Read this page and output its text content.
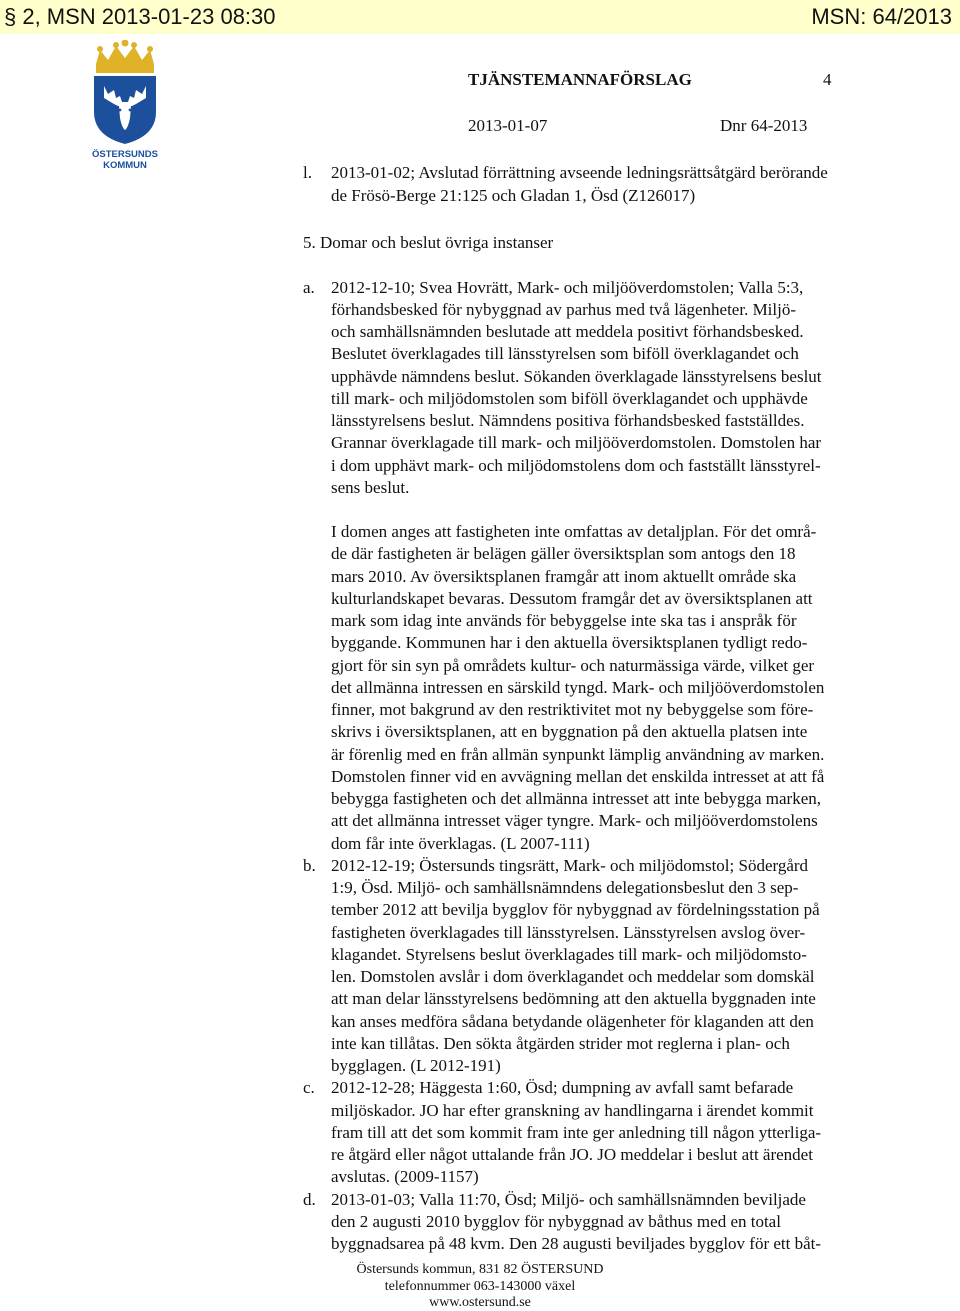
§ 2, MSN 2013-01-23 08:30	MSN: 64/2013
ÖSTERSUNDS
KOMMUN
TJÄNSTEMANNAFÖRSLAG	4
2013-01-07	Dnr 64-2013
l. 2013-01-02; Avslutad förrättning avseende ledningsrättsåtgärd berörande
de Frösö-Berge 21:125 och Gladan 1, Ösd (Z126017)
5. Domar och beslut övriga instanser
a. 2012-12-10; Svea Hovrätt, Mark- och miljööverdomstolen; Valla 5:3,
förhandsbesked för nybyggnad av parhus med två lägenheter. Miljö-
och samhällsnämnden beslutade att meddela positivt förhandsbesked.
Beslutet överklagades till länsstyrelsen som biföll överklagandet och
upphävde nämndens beslut. Sökanden överklagade länsstyrelsens beslut
till mark- och miljödomstolen som biföll överklagandet och upphävde
länsstyrelsens beslut. Nämndens positiva förhandsbesked fastställdes.
Grannar överklagade till mark- och miljööverdomstolen. Domstolen har
i dom upphävt mark- och miljödomstolens dom och fastställt länsstyrel-
sens beslut.
I domen anges att fastigheten inte omfattas av detaljplan. För det områ-
de där fastigheten är belägen gäller översiktsplan som antogs den 18
mars 2010. Av översiktsplanen framgår att inom aktuellt område ska
kulturlandskapet bevaras. Dessutom framgår det av översiktsplanen att
mark som idag inte används för bebyggelse inte ska tas i anspråk för
byggande. Kommunen har i den aktuella översiktsplanen tydligt redo-
gjort för sin syn på områdets kultur- och naturmässiga värde, vilket ger
det allmänna intressen en särskild tyngd. Mark- och miljööverdomstolen
finner, mot bakgrund av den restriktivitet mot ny bebyggelse som före-
skrivs i översiktsplanen, att en byggnation på den aktuella platsen inte
är förenlig med en från allmän synpunkt lämplig användning av marken.
Domstolen finner vid en avvägning mellan det enskilda intresset at att få
bebygga fastigheten och det allmänna intresset att inte bebygga marken,
att det allmänna intresset väger tyngre. Mark- och miljööverdomstolens
dom får inte överklagas. (L 2007-111)
b. 2012-12-19; Östersunds tingsrätt, Mark- och miljödomstol; Södergård
1:9, Ösd. Miljö- och samhällsnämndens delegationsbeslut den 3 sep-
tember 2012 att bevilja bygglov för nybyggnad av fördelningsstation på
fastigheten överklagades till länsstyrelsen. Länsstyrelsen avslog över-
klagandet. Styrelsens beslut överklagades till mark- och miljödomsto-
len. Domstolen avslår i dom överklagandet och meddelar som domskäl
att man delar länsstyrelsens bedömning att den aktuella byggnaden inte
kan anses medföra sådana betydande olägenheter för klaganden att den
inte kan tillåtas. Den sökta åtgärden strider mot reglerna i plan- och
bygglagen. (L 2012-191)
c. 2012-12-28; Häggesta 1:60, Ösd; dumpning av avfall samt befarade
miljöskador. JO har efter granskning av handlingarna i ärendet kommit
fram till att det som kommit fram inte ger anledning till någon ytterliga-
re åtgärd eller något uttalande från JO. JO meddelar i beslut att ärendet
avslutas. (2009-1157)
d. 2013-01-03; Valla 11:70, Ösd; Miljö- och samhällsnämnden beviljade
den 2 augusti 2010 bygglov för nybyggnad av båthus med en total
byggnadsarea på 48 kvm. Den 28 augusti beviljades bygglov för ett båt-
Östersunds kommun, 831 82 ÖSTERSUND
telefonnummer 063-143000 växel
www.ostersund.se
